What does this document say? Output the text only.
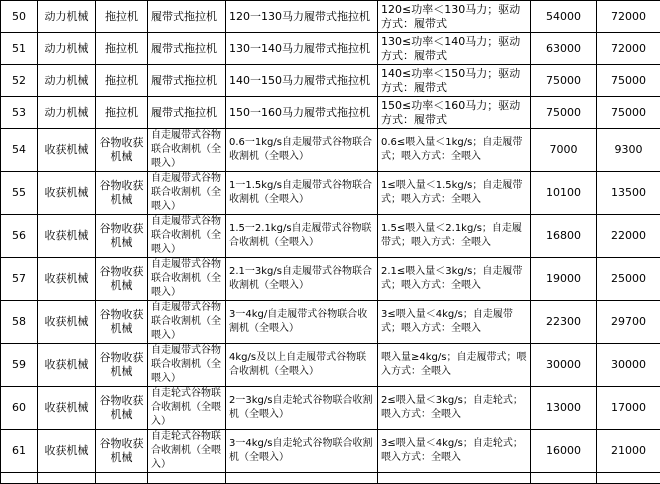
50	动力机械	拖拉机	履带式拖拉机	120一130马力履带式拖拉机	120≤功率＜130马力；驱动方式：履带式	54000	72000
51	动力机械	拖拉机	履带式拖拉机	130一140马力履带式拖拉机	130≤功率＜140马力；驱动方式：履带式	63000	72000
52	动力机械	拖拉机	履带式拖拉机	140一150马力履带式拖拉机	140≤功率＜150马力；驱动方式：履带式	75000	75000
53	动力机械	拖拉机	履带式拖拉机	150一160马力履带式拖拉机	150≤功率＜160马力；驱动方式：履带式	75000	75000
54	收获机械	谷物收获机械	自走履带式谷物联合收割机（全喂入）	0.6一1kg/s自走履带式谷物联合收割机（全喂入）	0.6≤喂入量＜1kg/s；自走履带式；喂入方式：全喂入	7000	9300
55	收获机械	谷物收获机械	自走履带式谷物联合收割机（全喂入）	1一1.5kg/s自走履带式谷物联合收割机（全喂入）	1≤喂入量＜1.5kg/s；自走履带式；喂入方式：全喂入	10100	13500
56	收获机械	谷物收获机械	自走履带式谷物联合收割机（全喂入）	1.5一2.1kg/s自走履带式谷物联合收割机（全喂入）	1.5≤喂入量＜2.1kg/s；自走履带式；喂入方式：全喂入	16800	22000
57	收获机械	谷物收获机械	自走履带式谷物联合收割机（全喂入）	2.1一3kg/s自走履带式谷物联合收割机（全喂入）	2.1≤喂入量＜3kg/s；自走履带式；喂入方式：全喂入	19000	25000
58	收获机械	谷物收获机械	自走履带式谷物联合收割机（全喂入）	3一4kg/自走履带式谷物联合收割机（全喂入）	3≤喂入量＜4kg/s；自走履带式；喂入方式：全喂入	22300	29700
59	收获机械	谷物收获机械	自走履带式谷物联合收割机（全喂入）	4kg/s及以上自走履带式谷物联合收割机（全喂入）	喂入量≥4kg/s；自走履带式；喂入方式：全喂入	30000	30000
60	收获机械	谷物收获机械	自走轮式谷物联合收割机（全喂入）	2一3kg/s自走轮式谷物联合收割机（全喂入）	2≤喂入量＜3kg/s；自走轮式；喂入方式：全喂入	13000	17000
61	收获机械	谷物收获机械	自走轮式谷物联合收割机（全喂入）	3一4kg/s自走轮式谷物联合收割机（全喂入）	3≤喂入量＜4kg/s；自走轮式；喂入方式：全喂入	16000	21000
